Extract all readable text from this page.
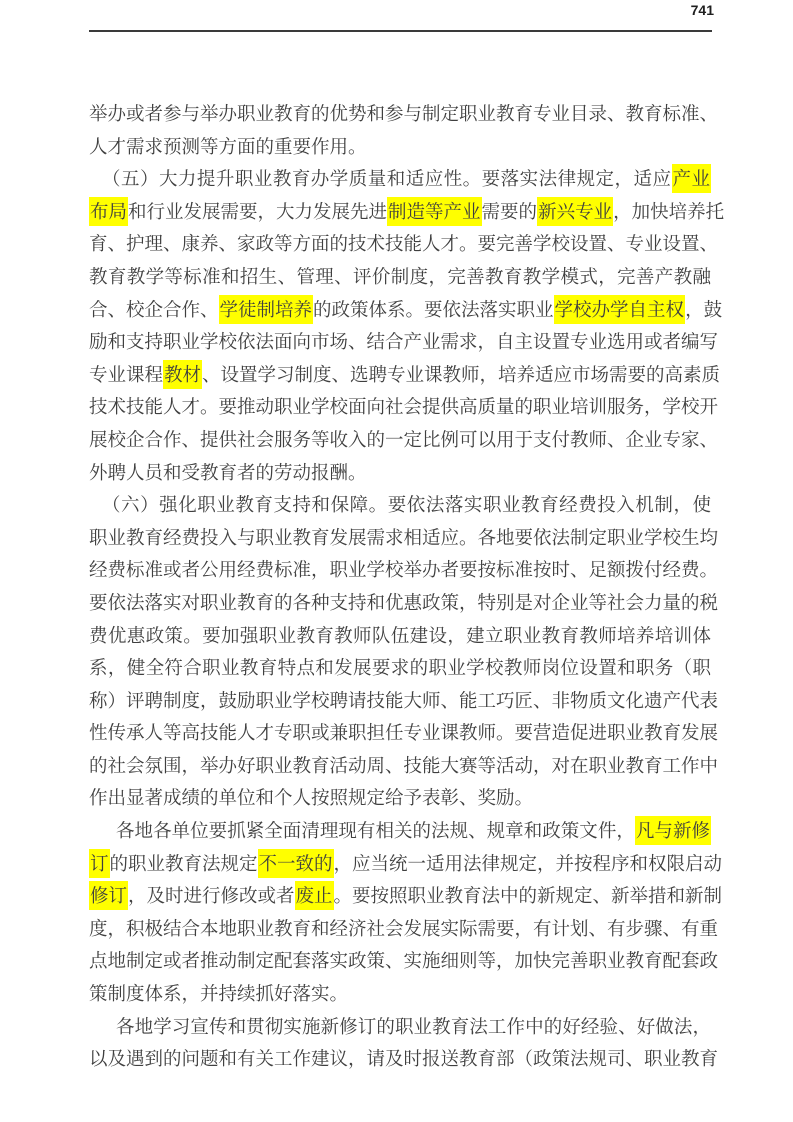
741
举办或者参与举办职业教育的优势和参与制定职业教育专业目录、教育标准、
人才需求预测等方面的重要作用。
（五）大力提升职业教育办学质量和适应性。要落实法律规定，适应产业
布局和行业发展需要，大力发展先进制造等产业需要的新兴专业，加快培养托
育、护理、康养、家政等方面的技术技能人才。要完善学校设置、专业设置、
教育教学等标准和招生、管理、评价制度，完善教育教学模式，完善产教融
合、校企合作、学徒制培养的政策体系。要依法落实职业学校办学自主权，鼓
励和支持职业学校依法面向市场、结合产业需求，自主设置专业选用或者编写
专业课程教材、设置学习制度、选聘专业课教师，培养适应市场需要的高素质
技术技能人才。要推动职业学校面向社会提供高质量的职业培训服务，学校开
展校企合作、提供社会服务等收入的一定比例可以用于支付教师、企业专家、
外聘人员和受教育者的劳动报酬。
（六）强化职业教育支持和保障。要依法落实职业教育经费投入机制，使
职业教育经费投入与职业教育发展需求相适应。各地要依法制定职业学校生均
经费标准或者公用经费标准，职业学校举办者要按标准按时、足额拨付经费。
要依法落实对职业教育的各种支持和优惠政策，特别是对企业等社会力量的税
费优惠政策。要加强职业教育教师队伍建设，建立职业教育教师培养培训体
系，健全符合职业教育特点和发展要求的职业学校教师岗位设置和职务（职
称）评聘制度，鼓励职业学校聘请技能大师、能工巧匠、非物质文化遗产代表
性传承人等高技能人才专职或兼职担任专业课教师。要营造促进职业教育发展
的社会氛围，举办好职业教育活动周、技能大赛等活动，对在职业教育工作中
作出显著成绩的单位和个人按照规定给予表彰、奖励。
各地各单位要抓紧全面清理现有相关的法规、规章和政策文件，凡与新修
订的职业教育法规定不一致的，应当统一适用法律规定，并按程序和权限启动
修订，及时进行修改或者废止。要按照职业教育法中的新规定、新举措和新制
度，积极结合本地职业教育和经济社会发展实际需要，有计划、有步骤、有重
点地制定或者推动制定配套落实政策、实施细则等，加快完善职业教育配套政
策制度体系，并持续抓好落实。
各地学习宣传和贯彻实施新修订的职业教育法工作中的好经验、好做法，
以及遇到的问题和有关工作建议，请及时报送教育部（政策法规司、职业教育
